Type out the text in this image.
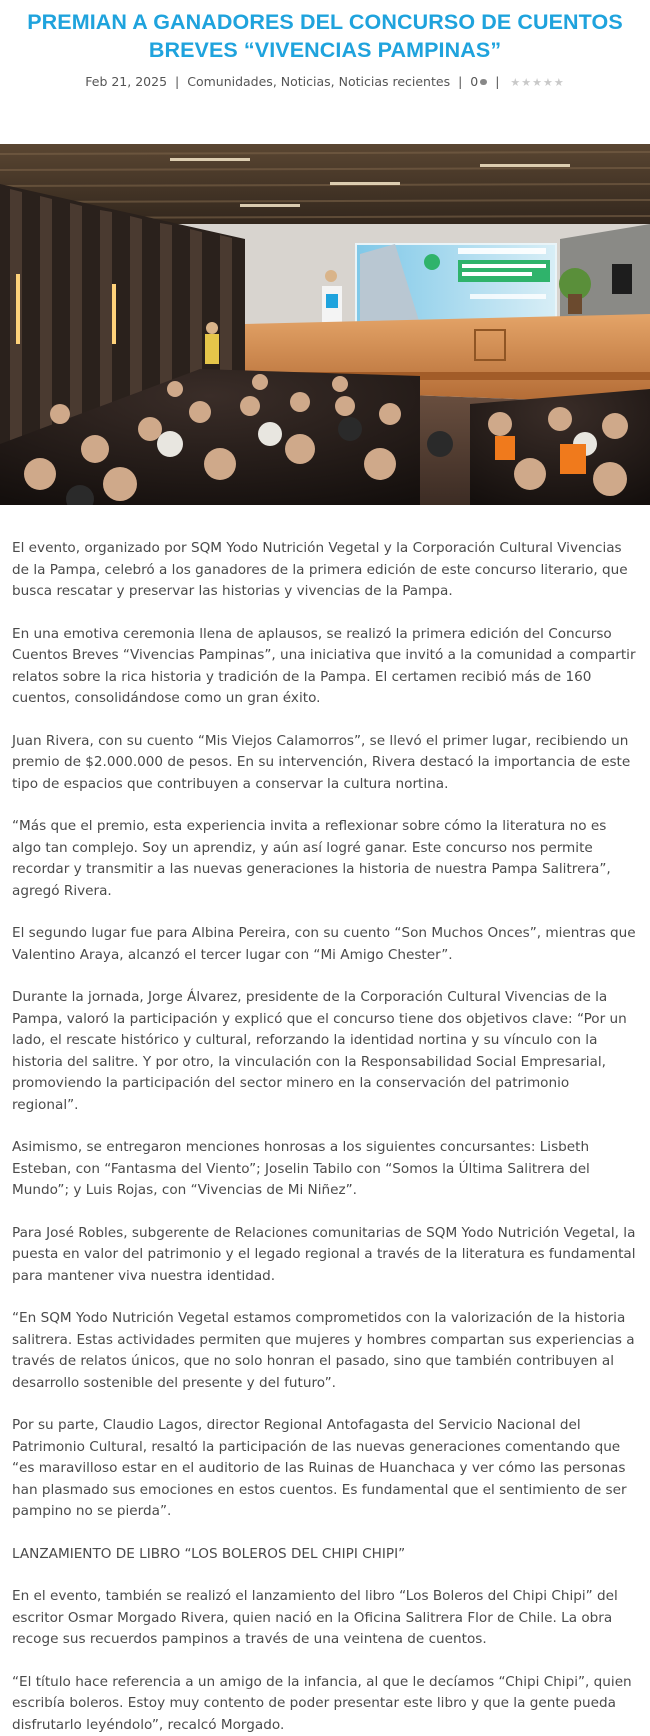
PREMIAN A GANADORES DEL CONCURSO DE CUENTOS BREVES “VIVENCIAS PAMPINAS”
Feb 21, 2025 | Comunidades, Noticias, Noticias recientes | 0 | ★★★★★

El evento, organizado por SQM Yodo Nutrición Vegetal y la Corporación Cultural Vivencias de la Pampa, celebró a los ganadores de la primera edición de este concurso literario, que busca rescatar y preservar las historias y vivencias de la Pampa.

En una emotiva ceremonia llena de aplausos, se realizó la primera edición del Concurso Cuentos Breves “Vivencias Pampinas”, una iniciativa que invitó a la comunidad a compartir relatos sobre la rica historia y tradición de la Pampa. El certamen recibió más de 160 cuentos, consolidándose como un gran éxito.

Juan Rivera, con su cuento “Mis Viejos Calamorros”, se llevó el primer lugar, recibiendo un premio de $2.000.000 de pesos. En su intervención, Rivera destacó la importancia de este tipo de espacios que contribuyen a conservar la cultura nortina.

“Más que el premio, esta experiencia invita a reflexionar sobre cómo la literatura no es algo tan complejo. Soy un aprendiz, y aún así logré ganar. Este concurso nos permite recordar y transmitir a las nuevas generaciones la historia de nuestra Pampa Salitrera”, agregó Rivera.

El segundo lugar fue para Albina Pereira, con su cuento “Son Muchos Onces”, mientras que Valentino Araya, alcanzó el tercer lugar con “Mi Amigo Chester”.

Durante la jornada, Jorge Álvarez, presidente de la Corporación Cultural Vivencias de la Pampa, valoró la participación y explicó que el concurso tiene dos objetivos clave: “Por un lado, el rescate histórico y cultural, reforzando la identidad nortina y su vínculo con la historia del salitre. Y por otro, la vinculación con la Responsabilidad Social Empresarial, promoviendo la participación del sector minero en la conservación del patrimonio regional”.

Asimismo, se entregaron menciones honrosas a los siguientes concursantes: Lisbeth Esteban, con “Fantasma del Viento”; Joselin Tabilo con “Somos la Última Salitrera del Mundo”; y Luis Rojas, con “Vivencias de Mi Niñez”.

Para José Robles, subgerente de Relaciones comunitarias de SQM Yodo Nutrición Vegetal, la puesta en valor del patrimonio y el legado regional a través de la literatura es fundamental para mantener viva nuestra identidad.

“En SQM Yodo Nutrición Vegetal estamos comprometidos con la valorización de la historia salitrera. Estas actividades permiten que mujeres y hombres compartan sus experiencias a través de relatos únicos, que no solo honran el pasado, sino que también contribuyen al desarrollo sostenible del presente y del futuro”.

Por su parte, Claudio Lagos, director Regional Antofagasta del Servicio Nacional del Patrimonio Cultural, resaltó la participación de las nuevas generaciones comentando que “es maravilloso estar en el auditorio de las Ruinas de Huanchaca y ver cómo las personas han plasmado sus emociones en estos cuentos. Es fundamental que el sentimiento de ser pampino no se pierda”.

LANZAMIENTO DE LIBRO “LOS BOLEROS DEL CHIPI CHIPI”

En el evento, también se realizó el lanzamiento del libro “Los Boleros del Chipi Chipi” del escritor Osmar Morgado Rivera, quien nació en la Oficina Salitrera Flor de Chile. La obra recoge sus recuerdos pampinos a través de una veintena de cuentos.

“El título hace referencia a un amigo de la infancia, al que le decíamos “Chipi Chipi”, quien escribía boleros. Estoy muy contento de poder presentar este libro y que la gente pueda disfrutarlo leyéndolo”, recalcó Morgado.
